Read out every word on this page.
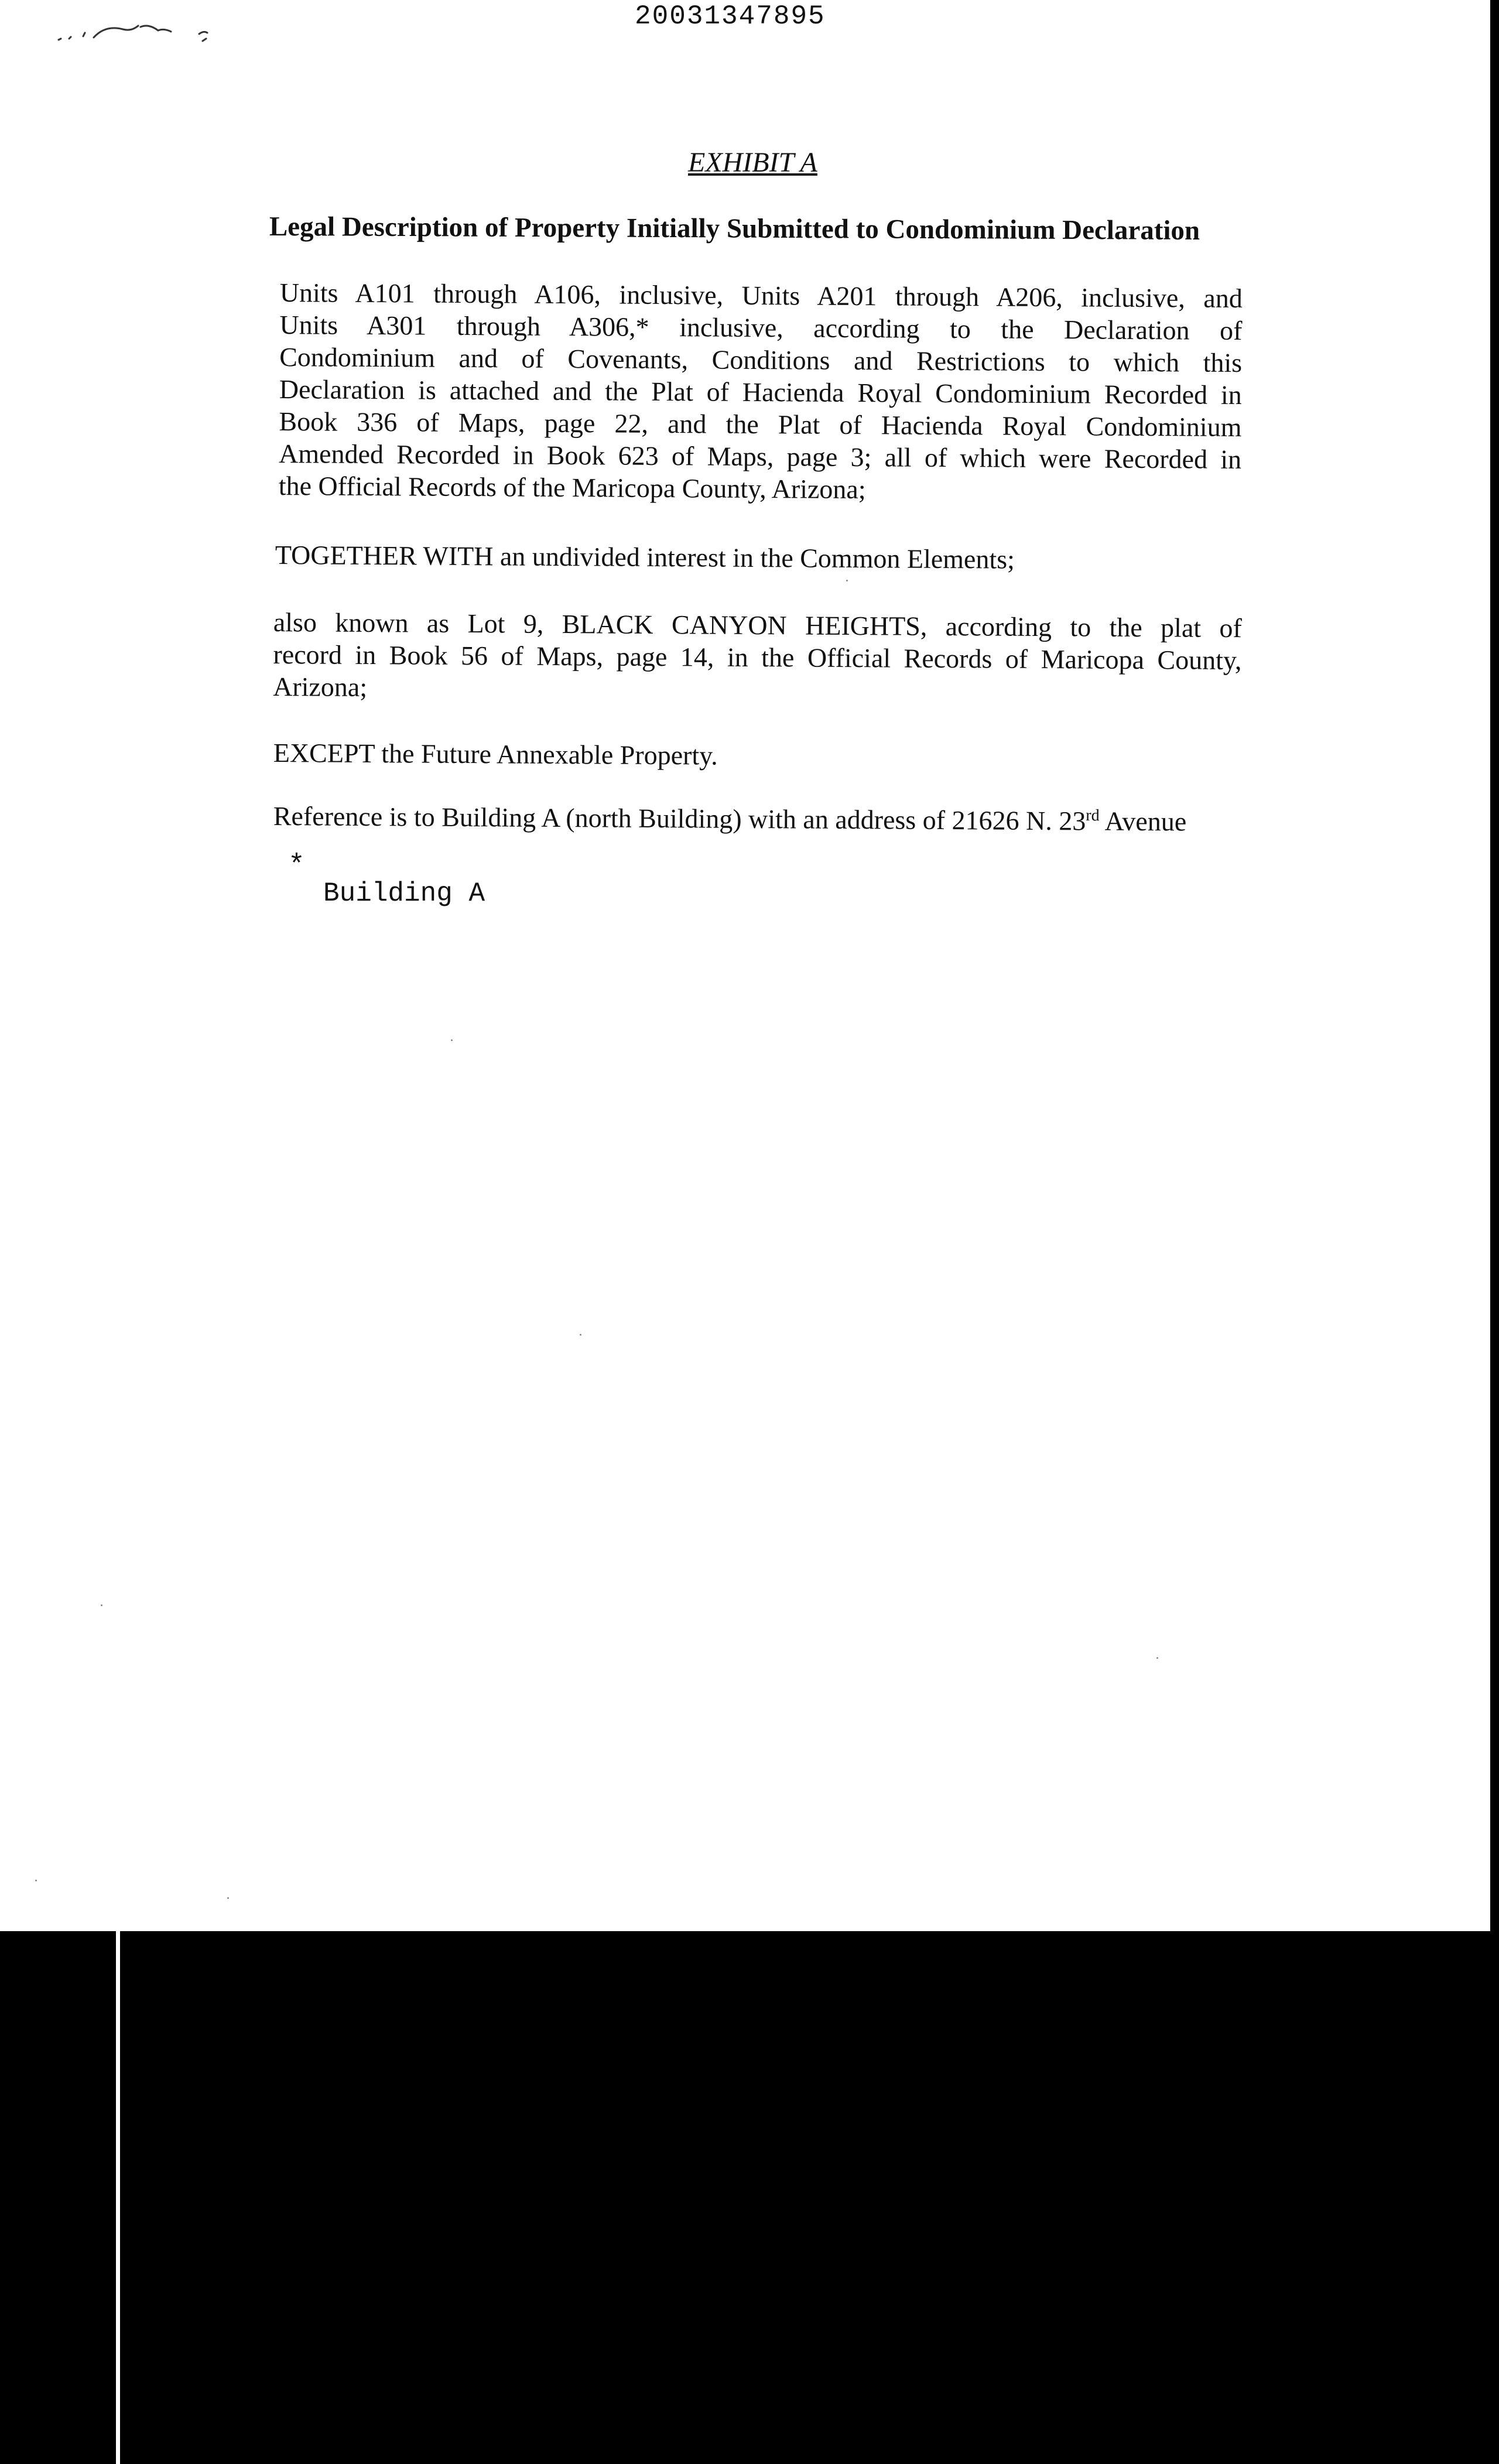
20031347895
EXHIBIT A
Legal Description of Property Initially Submitted to Condominium Declaration
Units A101 through A106, inclusive, Units A201 through A206, inclusive, and
Units A301 through A306,* inclusive, according to the Declaration of
Condominium and of Covenants, Conditions and Restrictions to which this
Declaration is attached and the Plat of Hacienda Royal Condominium Recorded in
Book 336 of Maps, page 22, and the Plat of Hacienda Royal Condominium
Amended Recorded in Book 623 of Maps, page 3; all of which were Recorded in
the Official Records of the Maricopa County, Arizona;

TOGETHER WITH an undivided interest in the Common Elements;

also known as Lot 9, BLACK CANYON HEIGHTS, according to the plat of
record in Book 56 of Maps, page 14, in the Official Records of Maricopa County,
Arizona;

EXCEPT the Future Annexable Property.

Reference is to Building A (north Building) with an address of 21626 N. 23rd Avenue

*
Building A
